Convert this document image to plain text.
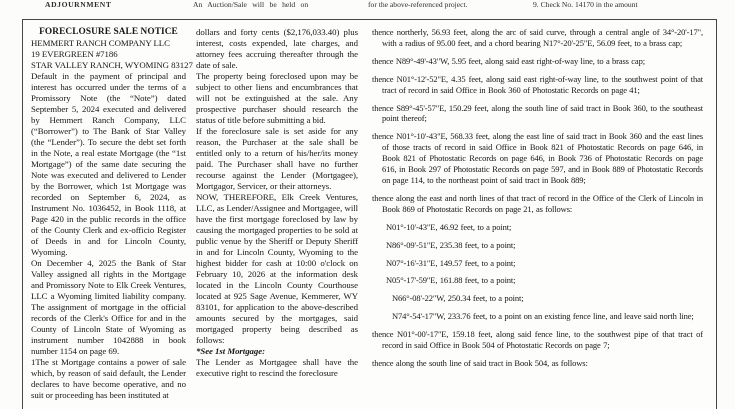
ADJOURNMENT	An Auction/Sale will be held on	for the above-referenced project.	9. Check No. 14170 in the amount
FORECLOSURE SALE NOTICE
HEMMERT RANCH COMPANY LLC
19 EVERGREEN #7186
STAR VALLEY RANCH, WYOMING 83127

Default in the payment of principal and interest has occurred under the terms of a Promissory Note (the “Note”) dated September 5, 2024 executed and delivered by Hemmert Ranch Company, LLC (“Borrower”) to The Bank of Star Valley (the “Lender”). To secure the debt set forth in the Note, a real estate Mortgage (the “1st Mortgage”) of the same date securing the Note was executed and delivered to Lender by the Borrower, which 1st Mortgage was recorded on September 6, 2024, as Instrument No. 1036452, in Book 1118, at Page 420 in the public records in the office of the County Clerk and ex-officio Register of Deeds in and for Lincoln County, Wyoming.

On December 4, 2025 the Bank of Star Valley assigned all rights in the Mortgage and Promissory Note to Elk Creek Ventures, LLC a Wyoming limited liability company. The assignment of mortgage in the official records of the Clerk's Office for and in the County of Lincoln State of Wyoming as instrument number 1042888 in book number 1154 on page 69.

1The st Mortgage contains a power of sale which, by reason of said default, the Lender declares to have become operative, and no suit or proceeding has been instituted at

dollars and forty cents ($2,176,033.40) plus interest, costs expended, late charges, and attorney fees accruing thereafter through the date of sale.

The property being foreclosed upon may be subject to other liens and encumbrances that will not be extinguished at the sale. Any prospective purchaser should research the status of title before submitting a bid.

If the foreclosure sale is set aside for any reason, the Purchaser at the sale shall be entitled only to a return of his/her/its money paid. The Purchaser shall have no further recourse against the Lender (Mortgagee), Mortgagor, Servicer, or their attorneys.

NOW, THEREFORE, Elk Creek Ventures, LLC, as Lender/Assignee and Mortgagee, will have the first mortgage foreclosed by law by causing the mortgaged properties to be sold at public venue by the Sheriff or Deputy Sheriff in and for Lincoln County, Wyoming to the highest bidder for cash at 10:00 o'clock on February 10, 2026 at the information desk located in the Lincoln County Courthouse located at 925 Sage Avenue, Kemmerer, WY 83101, for application to the above-described amounts secured by the mortgages, said mortgaged property being described as follows:

*See 1st Mortgage:

The Lender as Mortgagee shall have the executive right to rescind the foreclosure

thence northerly, 56.93 feet, along the arc of said curve, through a central angle of 34°-20'-17", with a radius of 95.00 feet, and a chord bearing N17°-20'-25"E, 56.09 feet, to a brass cap;

thence N89°-49'-43"W, 5.95 feet, along said east right-of-way line, to a brass cap;

thence N01°-12'-52"E, 4.35 feet, along said east right-of-way line, to the southwest point of that tract of record in said Office in Book 360 of Photostatic Records on page 41;

thence S89°-45'-57"E, 150.29 feet, along the south line of said tract in Book 360, to the southeast point thereof;

thence N01°-10'-43"E, 568.33 feet, along the east line of said tract in Book 360 and the east lines of those tracts of record in said Office in Book 821 of Photostatic Records on page 646, in Book 821 of Photostatic Records on page 646, in Book 736 of Photostatic Records on page 616, in Book 297 of Photostatic Records on page 597, and in Book 889 of Photostatic Records on page 114, to the northeast point of said tract in Book 889;

thence along the east and north lines of that tract of record in the Office of the Clerk of Lincoln in Book 869 of Photostatic Records on page 21, as follows:

N01°-10'-43"E, 46.92 feet, to a point;

N86°-09'-51"E, 235.38 feet, to a point;

N07°-16'-31"E, 149.57 feet, to a point;

N05°-17'-59"E, 161.88 feet, to a point;

N66°-08'-22"W, 250.34 feet, to a point;

N74°-54'-17"W, 233.76 feet, to a point on an existing fence line, and leave said north line;

thence N01°-00'-17"E, 159.18 feet, along said fence line, to the southwest pipe of that tract of record in said Office in Book 504 of Photostatic Records on page 7;

thence along the south line of said tract in Book 504, as follows:
